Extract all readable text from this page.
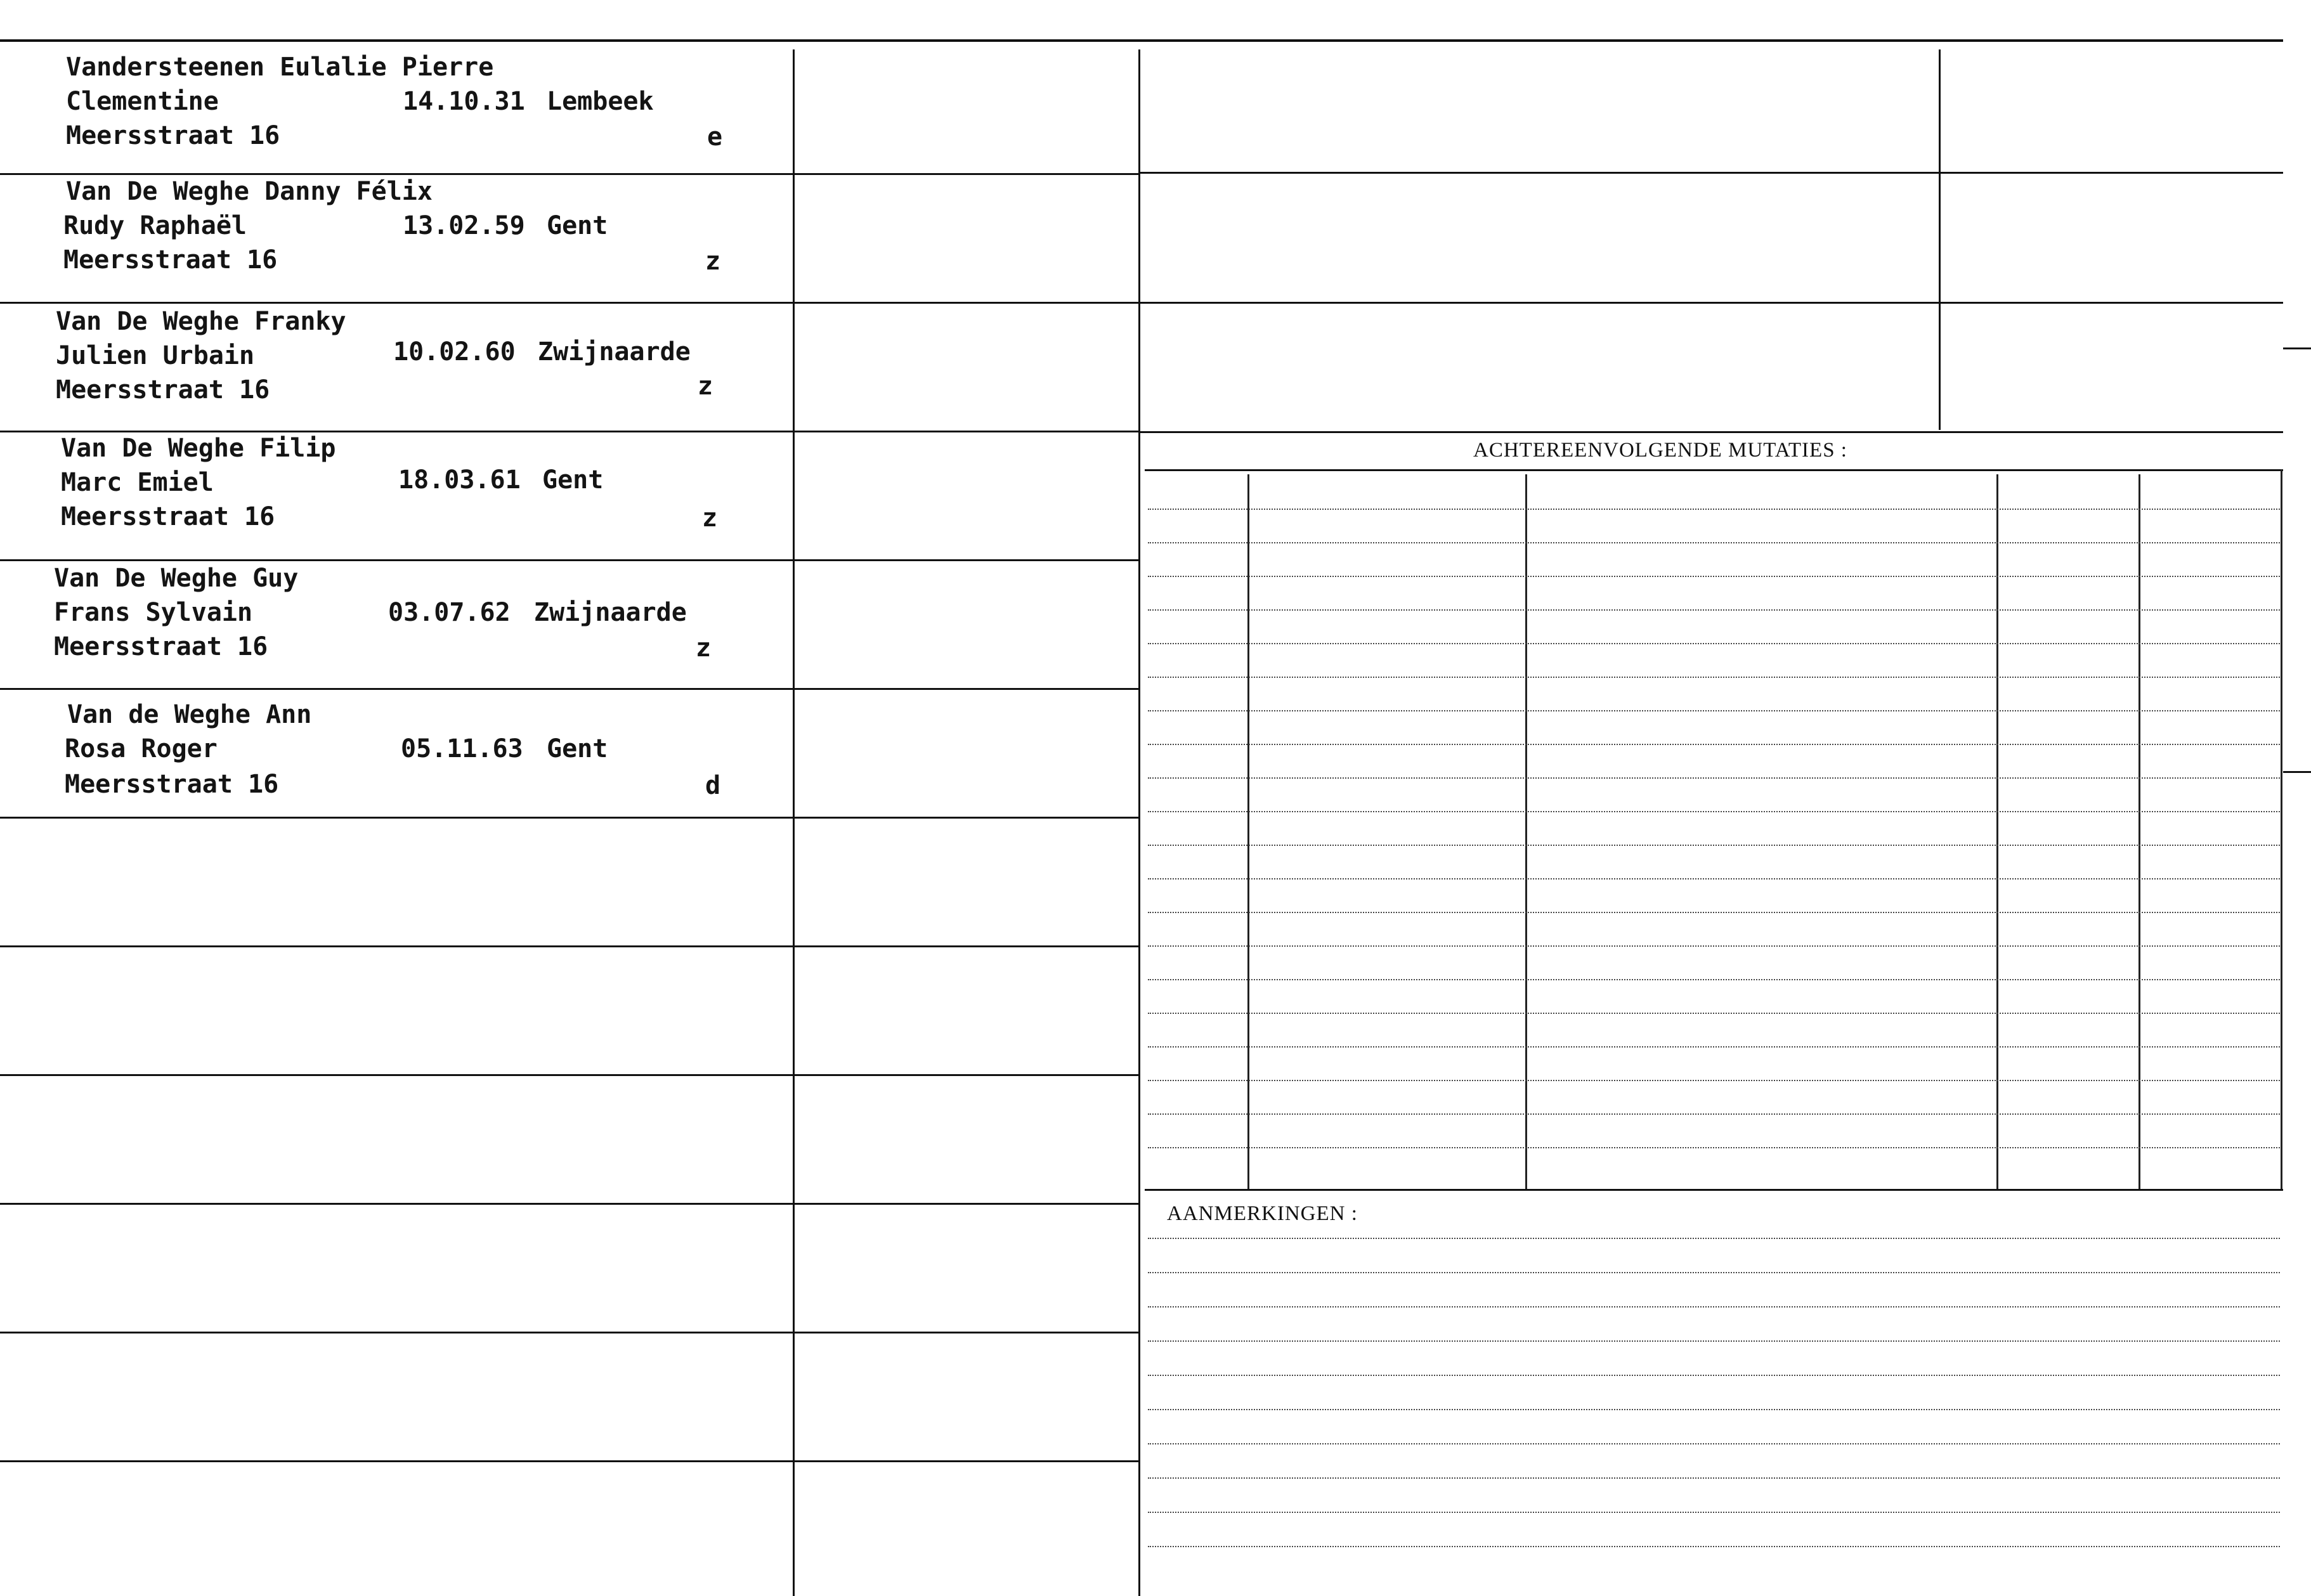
Vandersteenen Eulalie Pierre
Clementine	14.10.31 Lembeek
Meersstraat 16	e
Van De Weghe Danny Félix
Rudy Raphaël	13.02.59 Gent
Meersstraat 16	z
Van De Weghe Franky
Julien Urbain	10.02.60 Zwijnaarde
Meersstraat 16	z
Van De Weghe Filip
Marc Emiel	18.03.61 Gent
Meersstraat 16	z
Van De Weghe Guy
Frans Sylvain	03.07.62 Zwijnaarde
Meersstraat 16	z
Van de Weghe Ann
Rosa Roger	05.11.63 Gent
Meersstraat 16	d
ACHTEREENVOLGENDE MUTATIES :
AANMERKINGEN :
